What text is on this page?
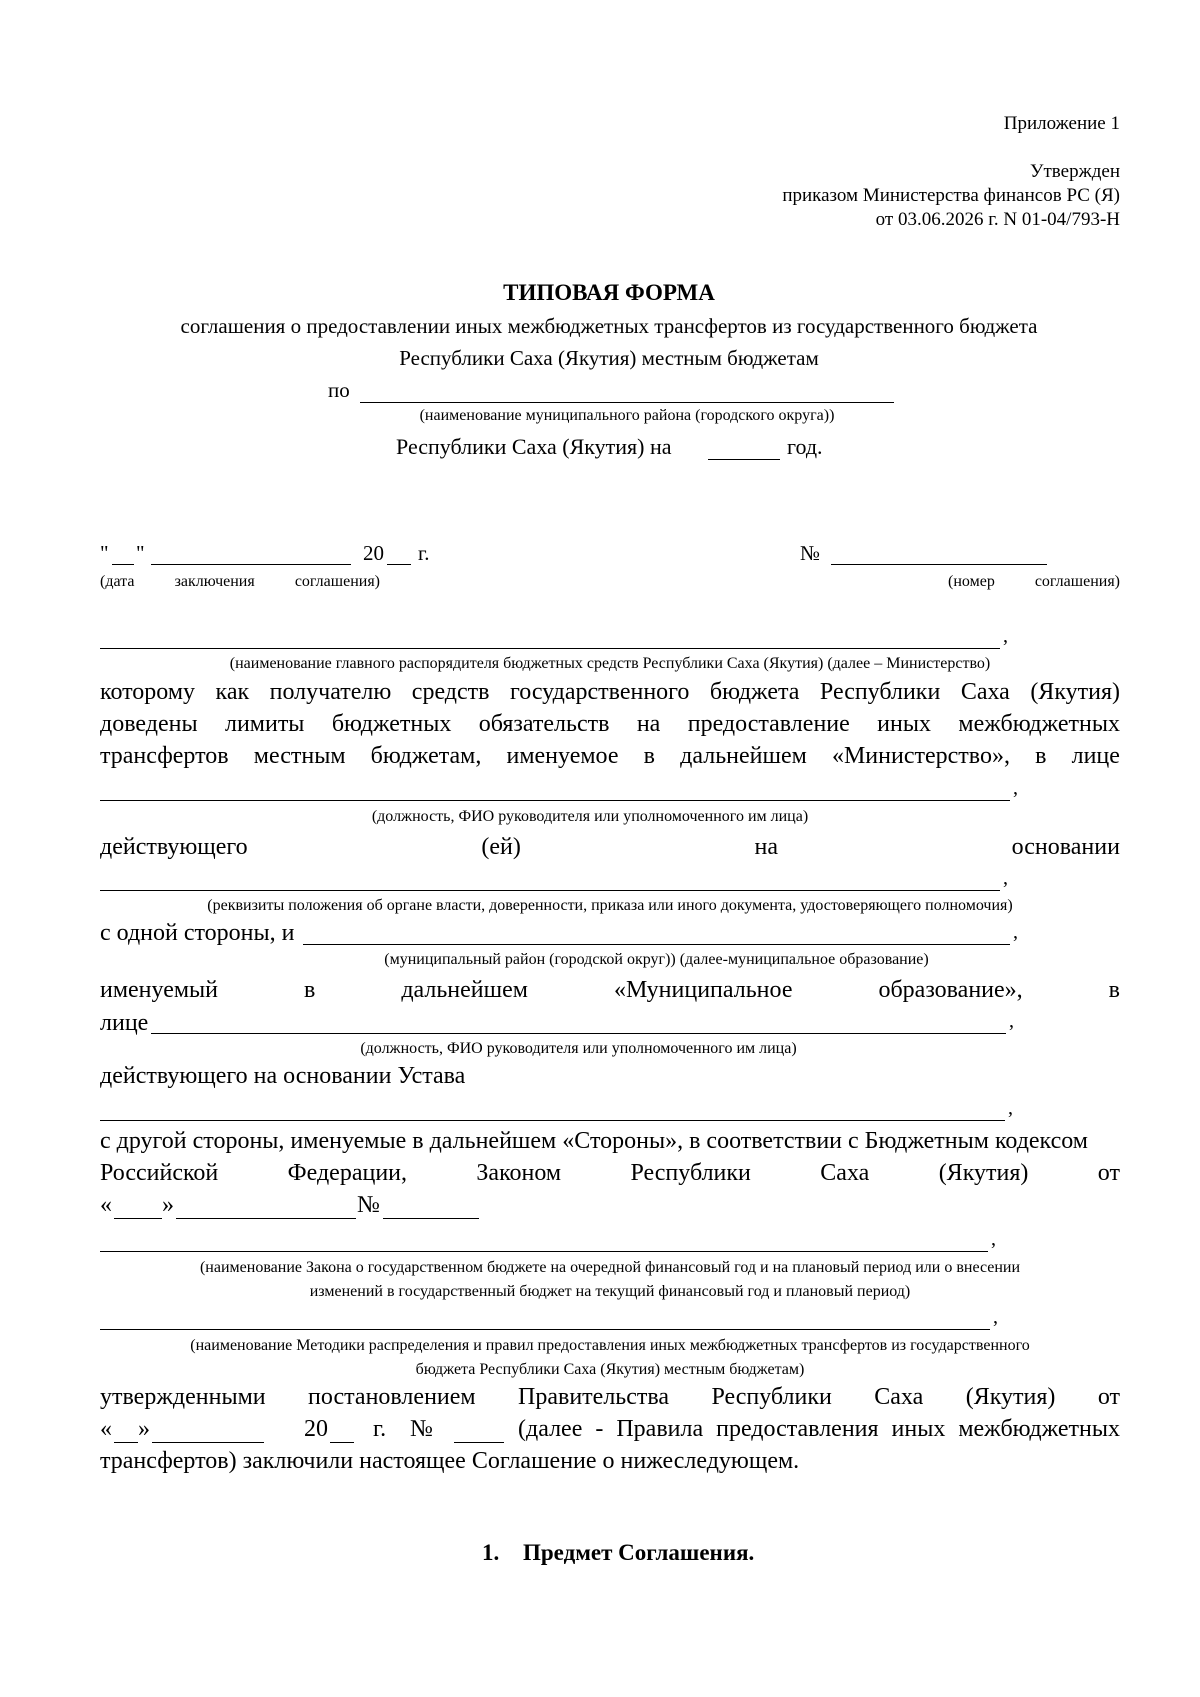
Приложение 1
Утвержден
приказом Министерства финансов РС (Я)
от 03.06.2026 г. N 01-04/793-Н
ТИПОВАЯ ФОРМА
соглашения о предоставлении иных межбюджетных трансфертов из государственного бюджета
Республики Саха (Якутия) местным бюджетам
по
(наименование муниципального района (городского округа))
Республики Саха (Якутия) на	год.
" "	20 г.	№
(дата	заключения	соглашения)	(номер	соглашения)
,
(наименование главного распорядителя бюджетных средств Республики Саха (Якутия) (далее – Министерство)
которому как получателю средств государственного бюджета Республики Саха (Якутия)
доведены лимиты бюджетных обязательств на предоставление иных межбюджетных
трансфертов местным бюджетам, именуемое в дальнейшем «Министерство», в лице
,
(должность, ФИО руководителя или уполномоченного им лица)
действующего	(ей)	на	основании
,
(реквизиты положения об органе власти, доверенности, приказа или иного документа, удостоверяющего полномочия)
с одной стороны, и	,
(муниципальный район (городской округ)) (далее-муниципальное образование)
именуемый	в	дальнейшем	«Муниципальное	образование»,	в
лице	,
(должность, ФИО руководителя или уполномоченного им лица)
действующего на основании Устава
,
с другой стороны, именуемые в дальнейшем «Стороны», в соответствии с Бюджетным кодексом
Российской	Федерации,	Законом	Республики	Саха	(Якутия)	от
« »	№
,
(наименование Закона о государственном бюджете на очередной финансовый год и на плановый период или о внесении
изменений в государственный бюджет на текущий финансовый год и плановый период)
,
(наименование Методики распределения и правил предоставления иных межбюджетных трансфертов из государственного
бюджета Республики Саха (Якутия) местным бюджетам)
утвержденными постановлением Правительства Республики Саха (Якутия) от
« »	20 г. №	(далее - Правила предоставления иных межбюджетных
трансфертов) заключили настоящее Соглашение о нижеследующем.
1. Предмет Соглашения.
